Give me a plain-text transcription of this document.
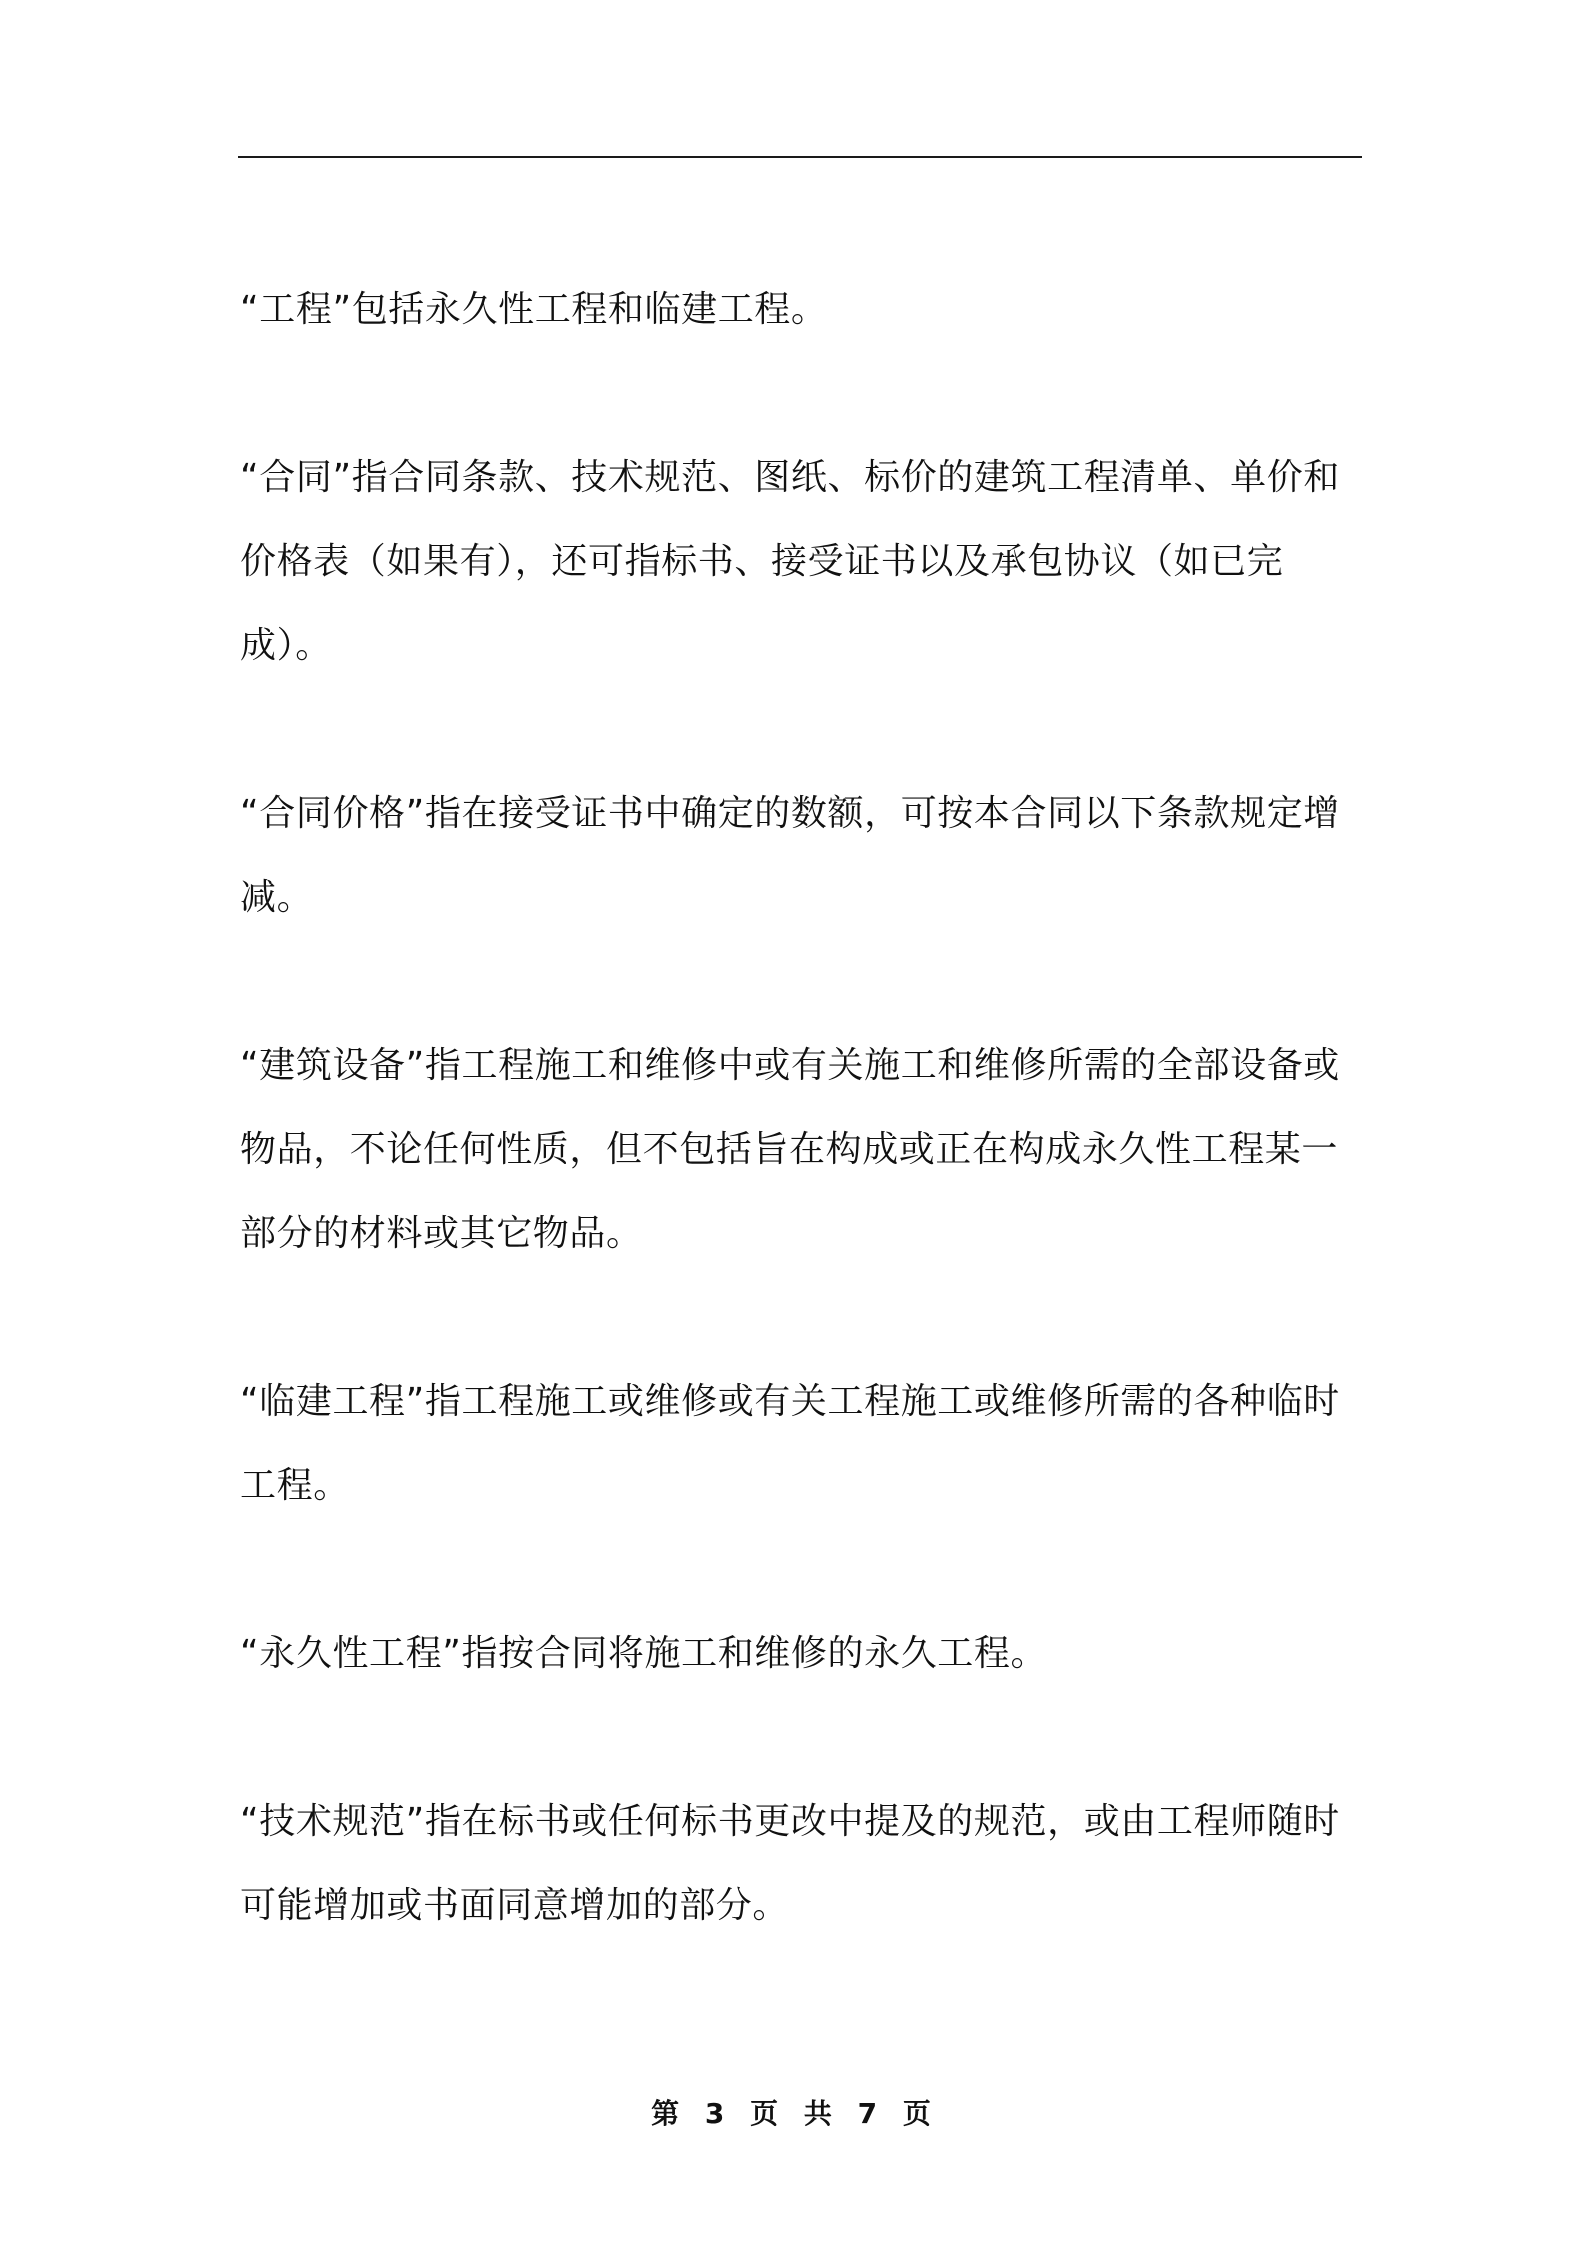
“工程”包括永久性工程和临建工程。

“合同”指合同条款、技术规范、图纸、标价的建筑工程清单、单价和价格表（如果有），还可指标书、接受证书以及承包协议（如已完成）。

“合同价格”指在接受证书中确定的数额，可按本合同以下条款规定增减。

“建筑设备”指工程施工和维修中或有关施工和维修所需的全部设备或物品，不论任何性质，但不包括旨在构成或正在构成永久性工程某一部分的材料或其它物品。

“临建工程”指工程施工或维修或有关工程施工或维修所需的各种临时工程。

“永久性工程”指按合同将施工和维修的永久工程。

“技术规范”指在标书或任何标书更改中提及的规范，或由工程师随时可能增加或书面同意增加的部分。

第 3 页 共 7 页
